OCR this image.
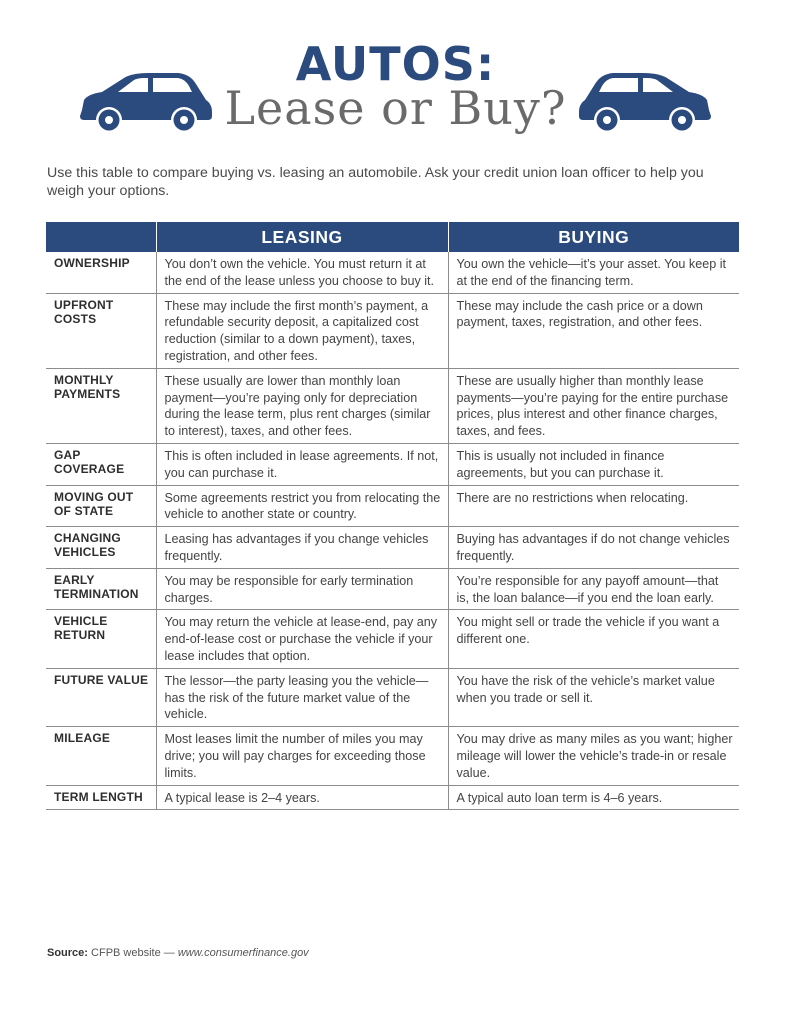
AUTOS:
Lease or Buy?
Use this table to compare buying vs. leasing an automobile. Ask your credit union loan officer to help you weigh your options.
	LEASING	BUYING
OWNERSHIP	You don’t own the vehicle. You must return it at the end of the lease unless you choose to buy it.	You own the vehicle—it’s your asset. You keep it at the end of the financing term.
UPFRONT COSTS	These may include the first month’s payment, a refundable security deposit, a capitalized cost reduction (similar to a down payment), taxes, registration, and other fees.	These may include the cash price or a down payment, taxes, registration, and other fees.
MONTHLY PAYMENTS	These usually are lower than monthly loan payment—you’re paying only for depreciation during the lease term, plus rent charges (similar to interest), taxes, and other fees.	These are usually higher than monthly lease payments—you’re paying for the entire purchase prices, plus interest and other finance charges, taxes, and fees.
GAP COVERAGE	This is often included in lease agreements. If not, you can purchase it.	This is usually not included in finance agreements, but you can purchase it.
MOVING OUT OF STATE	Some agreements restrict you from relocating the vehicle to another state or country.	There are no restrictions when relocating.
CHANGING VEHICLES	Leasing has advantages if you change vehicles frequently.	Buying has advantages if do not change vehicles frequently.
EARLY TERMINATION	You may be responsible for early termination charges.	You’re responsible for any payoff amount—that is, the loan balance—if you end the loan early.
VEHICLE RETURN	You may return the vehicle at lease-end, pay any end-of-lease cost or purchase the vehicle if your lease includes that option.	You might sell or trade the vehicle if you want a different one.
FUTURE VALUE	The lessor—the party leasing you the vehicle—has the risk of the future market value of the vehicle.	You have the risk of the vehicle’s market value when you trade or sell it.
MILEAGE	Most leases limit the number of miles you may drive; you will pay charges for exceeding those limits.	You may drive as many miles as you want; higher mileage will lower the vehicle’s trade-in or resale value.
TERM LENGTH	A typical lease is 2–4 years.	A typical auto loan term is 4–6 years.
Source: CFPB website — www.consumerfinance.gov
